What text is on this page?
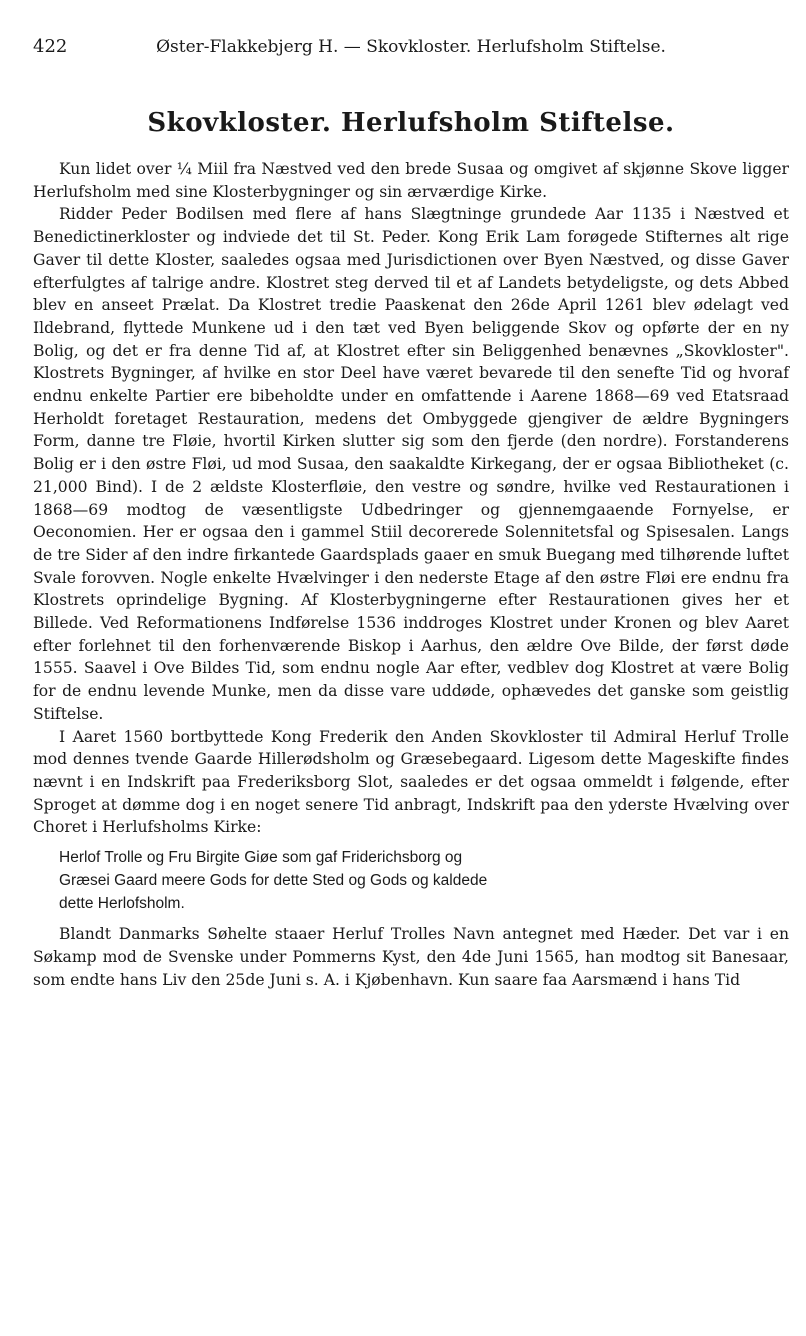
422	Øster-Flakkebjerg H. — Skovkloster. Herlufsholm Stiftelse.
Skovkloster. Herlufsholm Stiftelse.

Kun lidet over ¼ Miil fra Næstved ved den brede Susaa og omgivet af skjønne Skove ligger Herlufsholm med sine Klosterbygninger og sin ærværdige Kirke.

Ridder Peder Bodilsen med flere af hans Slægtninge grundede Aar 1135 i Næstved et Benedictinerkloster og indviede det til St. Peder. Kong Erik Lam forøgede Stifternes alt rige Gaver til dette Kloster, saaledes ogsaa med Jurisdictionen over Byen Næstved, og disse Gaver efterfulgtes af talrige andre. Klostret steg derved til et af Landets betydeligste, og dets Abbed blev en anseet Prælat. Da Klostret tredie Paaskenat den 26de April 1261 blev ødelagt ved Ildebrand, flyttede Munkene ud i den tæt ved Byen beliggende Skov og opførte der en ny Bolig, og det er fra denne Tid af, at Klostret efter sin Beliggenhed benævnes „Skovkloster". Klostrets Bygninger, af hvilke en stor Deel have været bevarede til den senefte Tid og hvoraf endnu enkelte Partier ere bibeholdte under en omfattende i Aarene 1868—69 ved Etatsraad Herholdt foretaget Restauration, medens det Ombyggede gjengiver de ældre Bygningers Form, danne tre Fløie, hvortil Kirken slutter sig som den fjerde (den nordre). Forstanderens Bolig er i den østre Fløi, ud mod Susaa, den saakaldte Kirkegang, der er ogsaa Bibliotheket (c. 21,000 Bind). I de 2 ældste Klosterfløie, den vestre og søndre, hvilke ved Restaurationen i 1868—69 modtog de væsentligste Udbedringer og gjennemgaaende Fornyelse, er Oeconomien. Her er ogsaa den i gammel Stiil decorerede Solennitetsfal og Spisesalen. Langs de tre Sider af den indre firkantede Gaardsplads gaaer en smuk Buegang med tilhørende luftet Svale forovven. Nogle enkelte Hvælvinger i den nederste Etage af den østre Fløi ere endnu fra Klostrets oprindelige Bygning. Af Klosterbygningerne efter Restaurationen gives her et Billede. Ved Reformationens Indførelse 1536 inddroges Klostret under Kronen og blev Aaret efter forlehnet til den forhenværende Biskop i Aarhus, den ældre Ove Bilde, der først døde 1555. Saavel i Ove Bildes Tid, som endnu nogle Aar efter, vedblev dog Klostret at være Bolig for de endnu levende Munke, men da disse vare uddøde, ophævedes det ganske som geistlig Stiftelse.

I Aaret 1560 bortbyttede Kong Frederik den Anden Skovkloster til Admiral Herluf Trolle mod dennes tvende Gaarde Hillerødsholm og Græsebegaard. Ligesom dette Mageskifte findes nævnt i en Indskrift paa Frederiksborg Slot, saaledes er det ogsaa ommeldt i følgende, efter Sproget at dømme dog i en noget senere Tid anbragt, Indskrift paa den yderste Hvælving over Choret i Herlufsholms Kirke:

Herlof Trolle og Fru Birgite Giøe som gaf Friderichsborg og
Græsei Gaard meere Gods for dette Sted og Gods og kaldede
dette Herlofsholm.

Blandt Danmarks Søhelte staaer Herluf Trolles Navn antegnet med Hæder. Det var i en Søkamp mod de Svenske under Pommerns Kyst, den 4de Juni 1565, han modtog sit Banesaar, som endte hans Liv den 25de Juni s. A. i Kjøbenhavn. Kun saare faa Aarsmænd i hans Tid
